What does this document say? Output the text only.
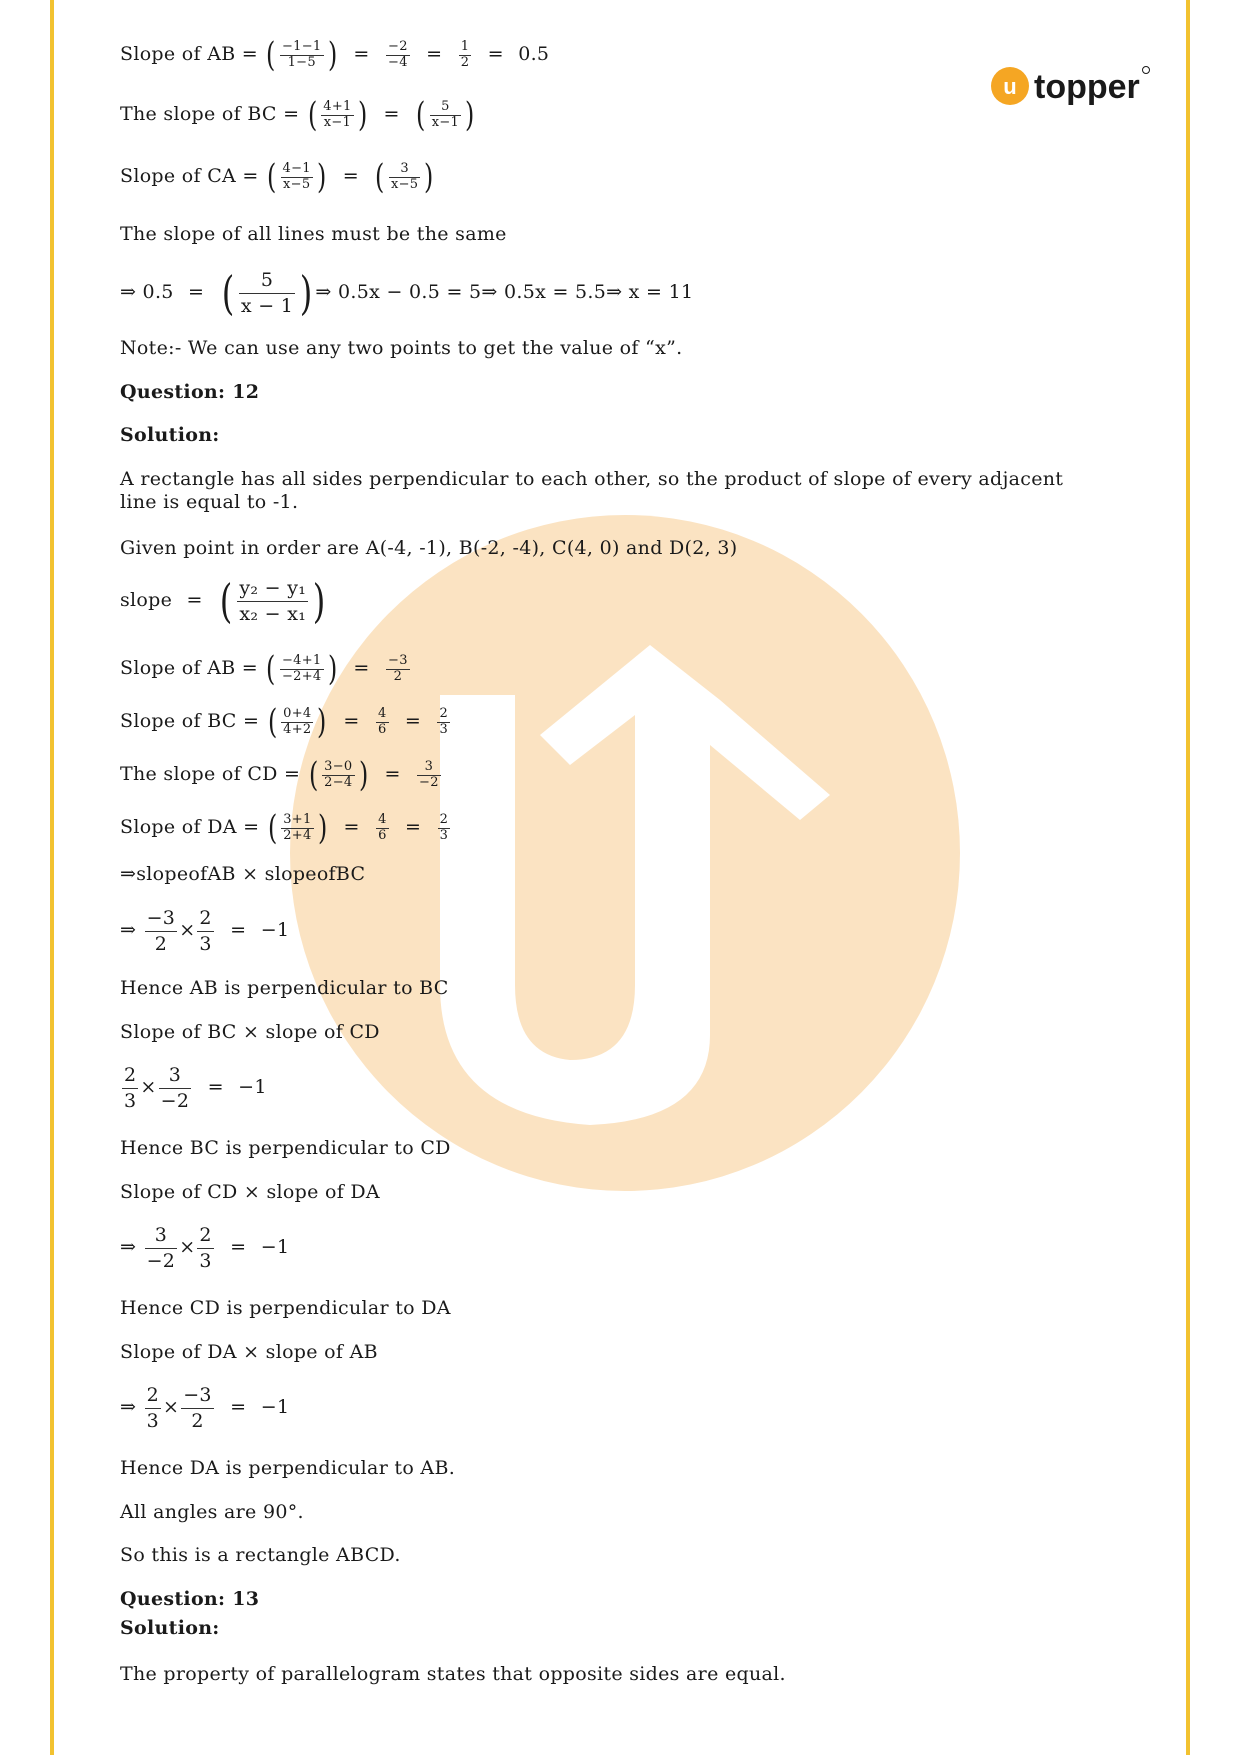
u topper
Slope of AB = ( $\frac{-1-1}{1-5}$ ) = $\frac{-2}{-4} = \frac{1}{2} = 0.5$
The slope of BC = ( $\frac{4+1}{x-1}$ ) = ( $\frac{5}{x-1}$ )
Slope of CA = ( $\frac{4-1}{x-5}$ ) = ( $\frac{3}{x-5}$ )
The slope of all lines must be the same
⇒ 0.5 = ( $\frac{5}{x - 1}$ ) ⇒ 0.5x − 0.5 = 5⇒ 0.5x = 5.5⇒ x = 11
Note:- We can use any two points to get the value of “x”.
Question: 12
Solution:
A rectangle has all sides perpendicular to each other, so the product of slope of every adjacent
line is equal to -1.
Given point in order are A(-4, -1), B(-2, -4), C(4, 0) and D(2, 3)
slope = ( $\frac{\text{y₂ − y₁}}{\text{x₂ − x₁}}$ )
Slope of AB = ( $\frac{-4+1}{-2+4}$ ) = $\frac{-3}{2}$
Slope of BC = ( $\frac{0+4}{4+2}$ ) = $\frac{4}{6} = \frac{2}{3}$
The slope of CD = ( $\frac{3-0}{2-4}$ ) = $\frac{3}{-2}$
Slope of DA = ( $\frac{3+1}{2+4}$ ) = $\frac{4}{6} = \frac{2}{3}$
⇒slopeofAB × slopeofBC
⇒ $\frac{-3}{2} \times \frac{2}{3} = -1$
Hence AB is perpendicular to BC
Slope of BC × slope of CD
$\frac{2}{3} \times \frac{3}{-2} = -1$
Hence BC is perpendicular to CD
Slope of CD × slope of DA
⇒ $\frac{3}{-2} \times \frac{2}{3} = -1$
Hence CD is perpendicular to DA
Slope of DA × slope of AB
⇒ $\frac{2}{3} \times \frac{-3}{2} = -1$
Hence DA is perpendicular to AB.
All angles are 90°.
So this is a rectangle ABCD.
Question: 13
Solution:
The property of parallelogram states that opposite sides are equal.
